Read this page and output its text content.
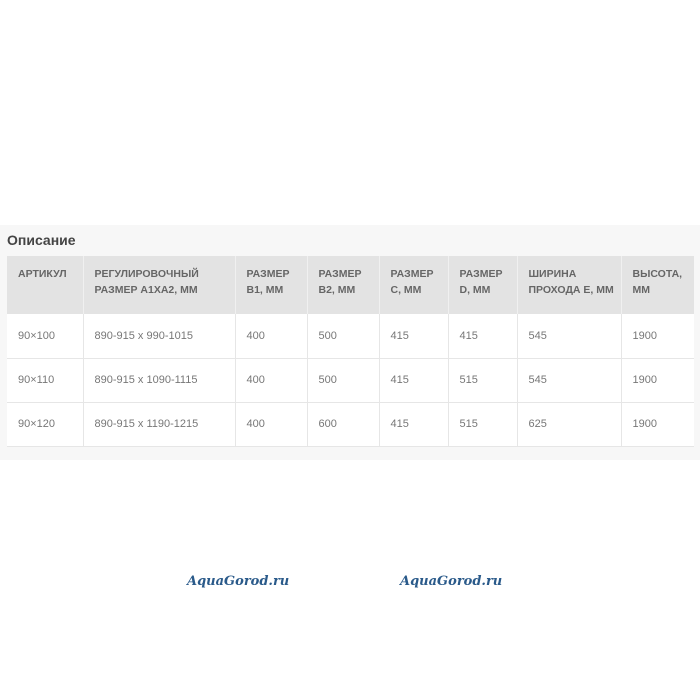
Описание
АРТИКУЛ	РЕГУЛИРОВОЧНЫЙ РАЗМЕР A1XA2, ММ	РАЗМЕР B1, ММ	РАЗМЕР B2, ММ	РАЗМЕР C, ММ	РАЗМЕР D, ММ	ШИРИНА ПРОХОДА E, ММ	ВЫСОТА, ММ
90×100	890-915 x 990-1015	400	500	415	415	545	1900
90×110	890-915 x 1090-1115	400	500	415	515	545	1900
90×120	890-915 x 1190-1215	400	600	415	515	625	1900
AquaGorod.ru	AquaGorod.ru
